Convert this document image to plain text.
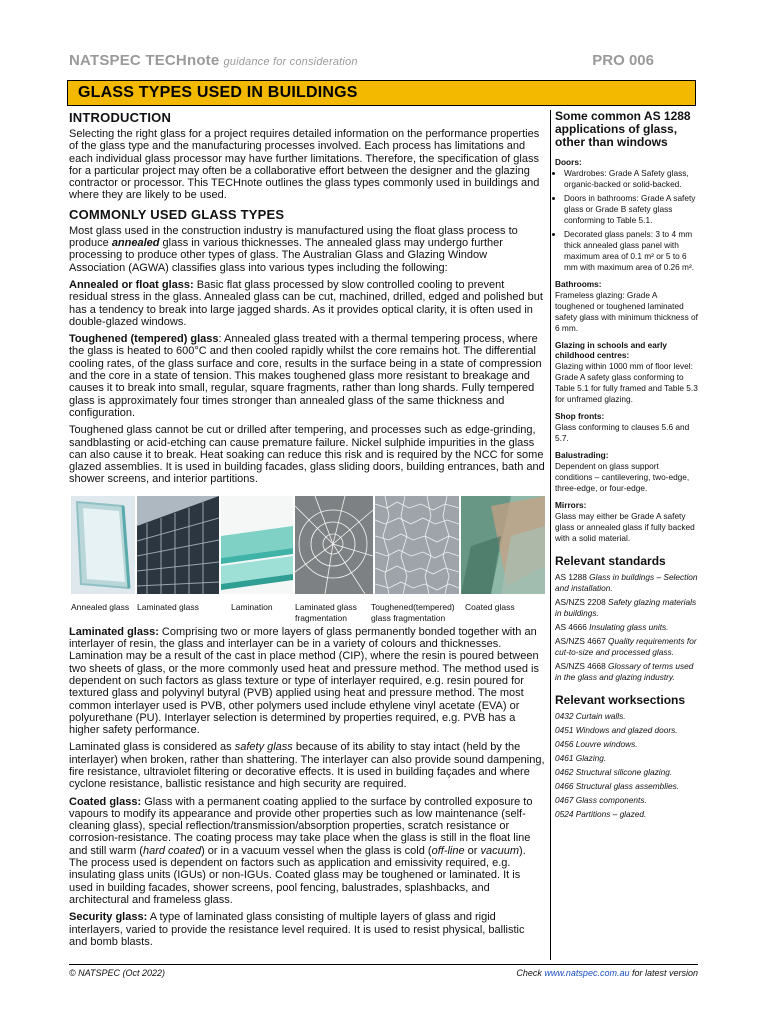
NATSPEC TECHnote guidance for consideration	PRO 006
GLASS TYPES USED IN BUILDINGS
INTRODUCTION

Selecting the right glass for a project requires detailed information on the performance properties of the glass type and the manufacturing processes involved. Each process has limitations and each individual glass processor may have further limitations. Therefore, the specification of glass for a particular project may often be a collaborative effort between the designer and the glazing contractor or processor. This TECHnote outlines the glass types commonly used in buildings and where they are likely to be used.

COMMONLY USED GLASS TYPES

Most glass used in the construction industry is manufactured using the float glass process to produce annealed glass in various thicknesses. The annealed glass may undergo further processing to produce other types of glass. The Australian Glass and Glazing Window Association (AGWA) classifies glass into various types including the following:

Annealed or float glass: Basic flat glass processed by slow controlled cooling to prevent residual stress in the glass. Annealed glass can be cut, machined, drilled, edged and polished but has a tendency to break into large jagged shards. As it provides optical clarity, it is often used in double-glazed windows.

Toughened (tempered) glass: Annealed glass treated with a thermal tempering process, where the glass is heated to 600°C and then cooled rapidly whilst the core remains hot. The differential cooling rates, of the glass surface and core, results in the surface being in a state of compression and the core in a state of tension. This makes toughened glass more resistant to breakage and causes it to break into small, regular, square fragments, rather than long shards. Fully tempered glass is approximately four times stronger than annealed glass of the same thickness and configuration.

Toughened glass cannot be cut or drilled after tempering, and processes such as edge-grinding, sandblasting or acid-etching can cause premature failure. Nickel sulphide impurities in the glass can also cause it to break. Heat soaking can reduce this risk and is required by the NCC for some glazed assemblies. It is used in building facades, glass sliding doors, building entrances, bath and shower screens, and interior partitions.

Annealed glass Laminated glass	Lamination	Laminated glass fragmentation
Toughened(tempered) glass fragmentation
Coated glass

Laminated glass: Comprising two or more layers of glass permanently bonded together with an interlayer of resin, the glass and interlayer can be in a variety of colours and thicknesses. Lamination may be a result of the cast in place method (CIP), where the resin is poured between two sheets of glass, or the more commonly used heat and pressure method. The method used is dependent on such factors as glass texture or type of interlayer required, e.g. resin poured for textured glass and polyvinyl butyral (PVB) applied using heat and pressure method. The most common interlayer used is PVB, other polymers used include ethylene vinyl acetate (EVA) or polyurethane (PU). Interlayer selection is determined by properties required, e.g. PVB has a higher safety performance.

Laminated glass is considered as safety glass because of its ability to stay intact (held by the interlayer) when broken, rather than shattering. The interlayer can also provide sound dampening, fire resistance, ultraviolet filtering or decorative effects. It is used in building façades and where cyclone resistance, ballistic resistance and high security are required.

Coated glass: Glass with a permanent coating applied to the surface by controlled exposure to vapours to modify its appearance and provide other properties such as low maintenance (self-cleaning glass), special reflection/transmission/absorption properties, scratch resistance or corrosion-resistance. The coating process may take place when the glass is still in the float line and still warm (hard coated) or in a vacuum vessel when the glass is cold (off-line or vacuum). The process used is dependent on factors such as application and emissivity required, e.g. insulating glass units (IGUs) or non-IGUs. Coated glass may be toughened or laminated. It is used in building facades, shower screens, pool fencing, balustrades, splashbacks, and architectural and frameless glass.

Security glass: A type of laminated glass consisting of multiple layers of glass and rigid interlayers, varied to provide the resistance level required. It is used to resist physical, ballistic and bomb blasts.

Some common AS 1288 applications of glass, other than windows
Doors:
• Wardrobes: Grade A Safety glass, organic-backed or solid-backed.
• Doors in bathrooms: Grade A safety glass or Grade B safety glass conforming to Table 5.1.
• Decorated glass panels: 3 to 4 mm thick annealed glass panel with maximum area of 0.1 m² or 5 to 6 mm with maximum area of 0.26 m².
Bathrooms:

Frameless glazing: Grade A toughened or toughened laminated safety glass with minimum thickness of 6 mm.

Glazing in schools and early childhood centres:

Glazing within 1000 mm of floor level: Grade A safety glass conforming to Table 5.1 for fully framed and Table 5.3 for unframed glazing.

Shop fronts:

Glass conforming to clauses 5.6 and 5.7.

Balustrading:

Dependent on glass support conditions – cantilevering, two-edge, three-edge, or four-edge.

Mirrors:

Glass may either be Grade A safety glass or annealed glass if fully backed with a solid material.

Relevant standards
AS 1288 Glass in buildings – Selection and installation.
AS/NZS 2208 Safety glazing materials in buildings.
AS 4666 Insulating glass units.
AS/NZS 4667 Quality requirements for cut-to-size and processed glass.
AS/NZS 4668 Glossary of terms used in the glass and glazing industry.
Relevant worksections
0432 Curtain walls.
0451 Windows and glazed doors.
0456 Louvre windows.
0461 Glazing.
0462 Structural silicone glazing.
0466 Structural glass assemblies.
0467 Glass components.
0524 Partitions – glazed.
© NATSPEC (Oct 2022)	Check www.natspec.com.au for latest version
